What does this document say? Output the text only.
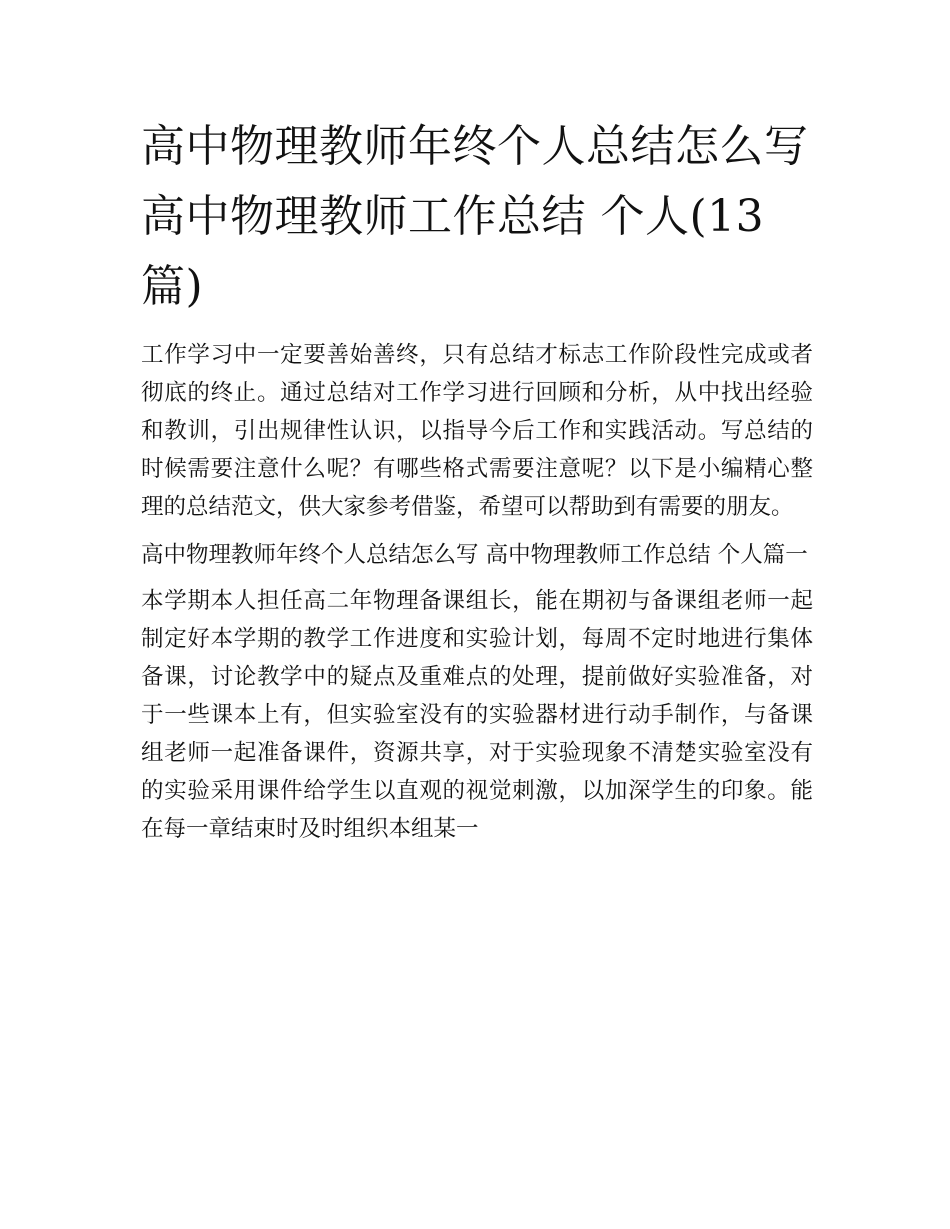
高中物理教师年终个人总结怎么写 高中物理教师工作总结 个人(13 篇)

工作学习中一定要善始善终，只有总结才标志工作阶段性完成或者彻底的终止。通过总结对工作学习进行回顾和分析，从中找出经验和教训，引出规律性认识，以指导今后工作和实践活动。写总结的时候需要注意什么呢？有哪些格式需要注意呢？以下是小编精心整理的总结范文，供大家参考借鉴，希望可以帮助到有需要的朋友。

高中物理教师年终个人总结怎么写 高中物理教师工作总结 个人篇一

本学期本人担任高二年物理备课组长，能在期初与备课组老师一起制定好本学期的教学工作进度和实验计划，每周不定时地进行集体备课，讨论教学中的疑点及重难点的处理，提前做好实验准备，对于一些课本上有，但实验室没有的实验器材进行动手制作，与备课组老师一起准备课件，资源共享，对于实验现象不清楚实验室没有的实验采用课件给学生以直观的视觉刺激，以加深学生的印象。能在每一章结束时及时组织本组某一
